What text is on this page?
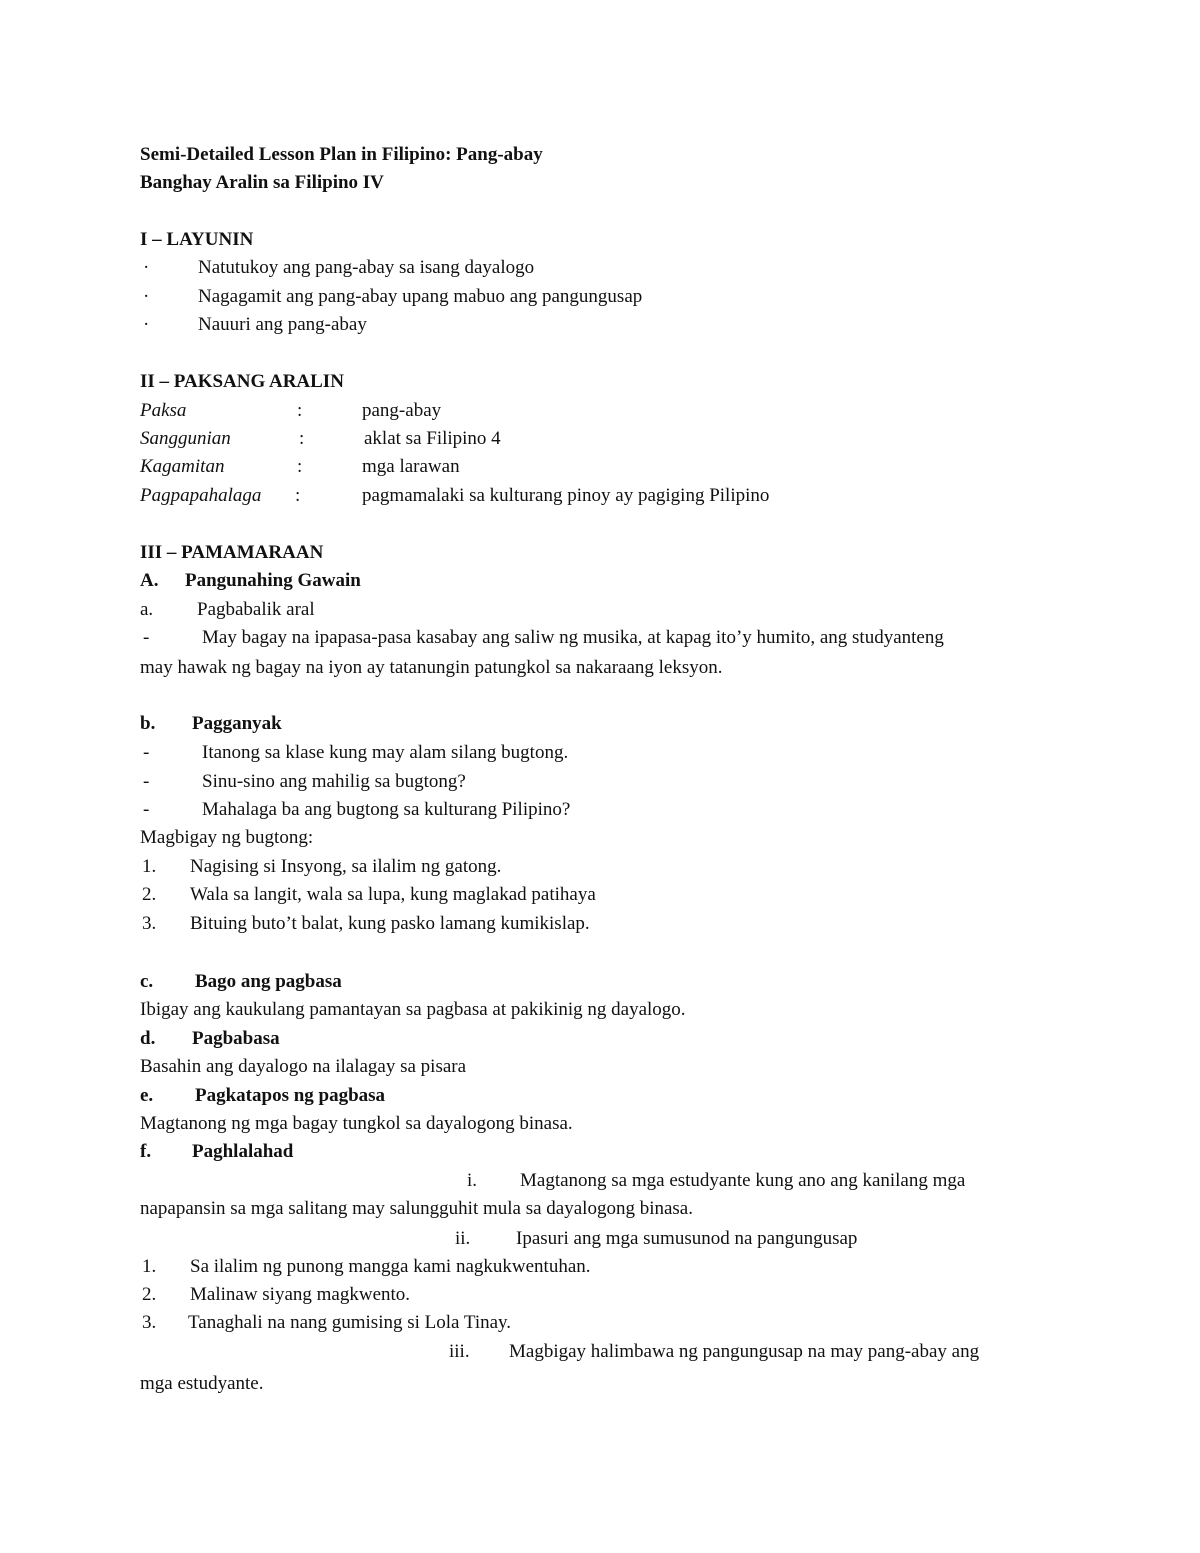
Semi-Detailed Lesson Plan in Filipino: Pang-abay
Banghay Aralin sa Filipino IV
I – LAYUNIN
·	Natutukoy ang pang-abay sa isang dayalogo
·	Nagagamit ang pang-abay upang mabuo ang pangungusap
·	Nauuri ang pang-abay
II – PAKSANG ARALIN
Paksa	:	pang-abay
Sanggunian	:	aklat sa Filipino 4
Kagamitan	:	mga larawan
Pagpapahalaga :	pagmamalaki sa kulturang pinoy ay pagiging Pilipino
III – PAMAMARAAN
A. Pangunahing Gawain
a. Pagbabalik aral
-	May bagay na ipapasa-pasa kasabay ang saliw ng musika, at kapag ito’y humito, ang studyanteng
may hawak ng bagay na iyon ay tatanungin patungkol sa nakaraang leksyon.
b. Pagganyak
-	Itanong sa klase kung may alam silang bugtong.
-	Sinu-sino ang mahilig sa bugtong?
-	Mahalaga ba ang bugtong sa kulturang Pilipino?
Magbigay ng bugtong:
1. Nagising si Insyong, sa ilalim ng gatong.
2. Wala sa langit, wala sa lupa, kung maglakad patihaya
3. Bituing buto’t balat, kung pasko lamang kumikislap.
c. Bago ang pagbasa
Ibigay ang kaukulang pamantayan sa pagbasa at pakikinig ng dayalogo.
d. Pagbabasa
Basahin ang dayalogo na ilalagay sa pisara
e. Pagkatapos ng pagbasa
Magtanong ng mga bagay tungkol sa dayalogong binasa.
f. Paghlalahad
i. Magtanong sa mga estudyante kung ano ang kanilang mga
napapansin sa mga salitang may salungguhit mula sa dayalogong binasa.
ii. Ipasuri ang mga sumusunod na pangungusap
1. Sa ilalim ng punong mangga kami nagkukwentuhan.
2. Malinaw siyang magkwento.
3. Tanaghali na nang gumising si Lola Tinay.
iii. Magbigay halimbawa ng pangungusap na may pang-abay ang
mga estudyante.
